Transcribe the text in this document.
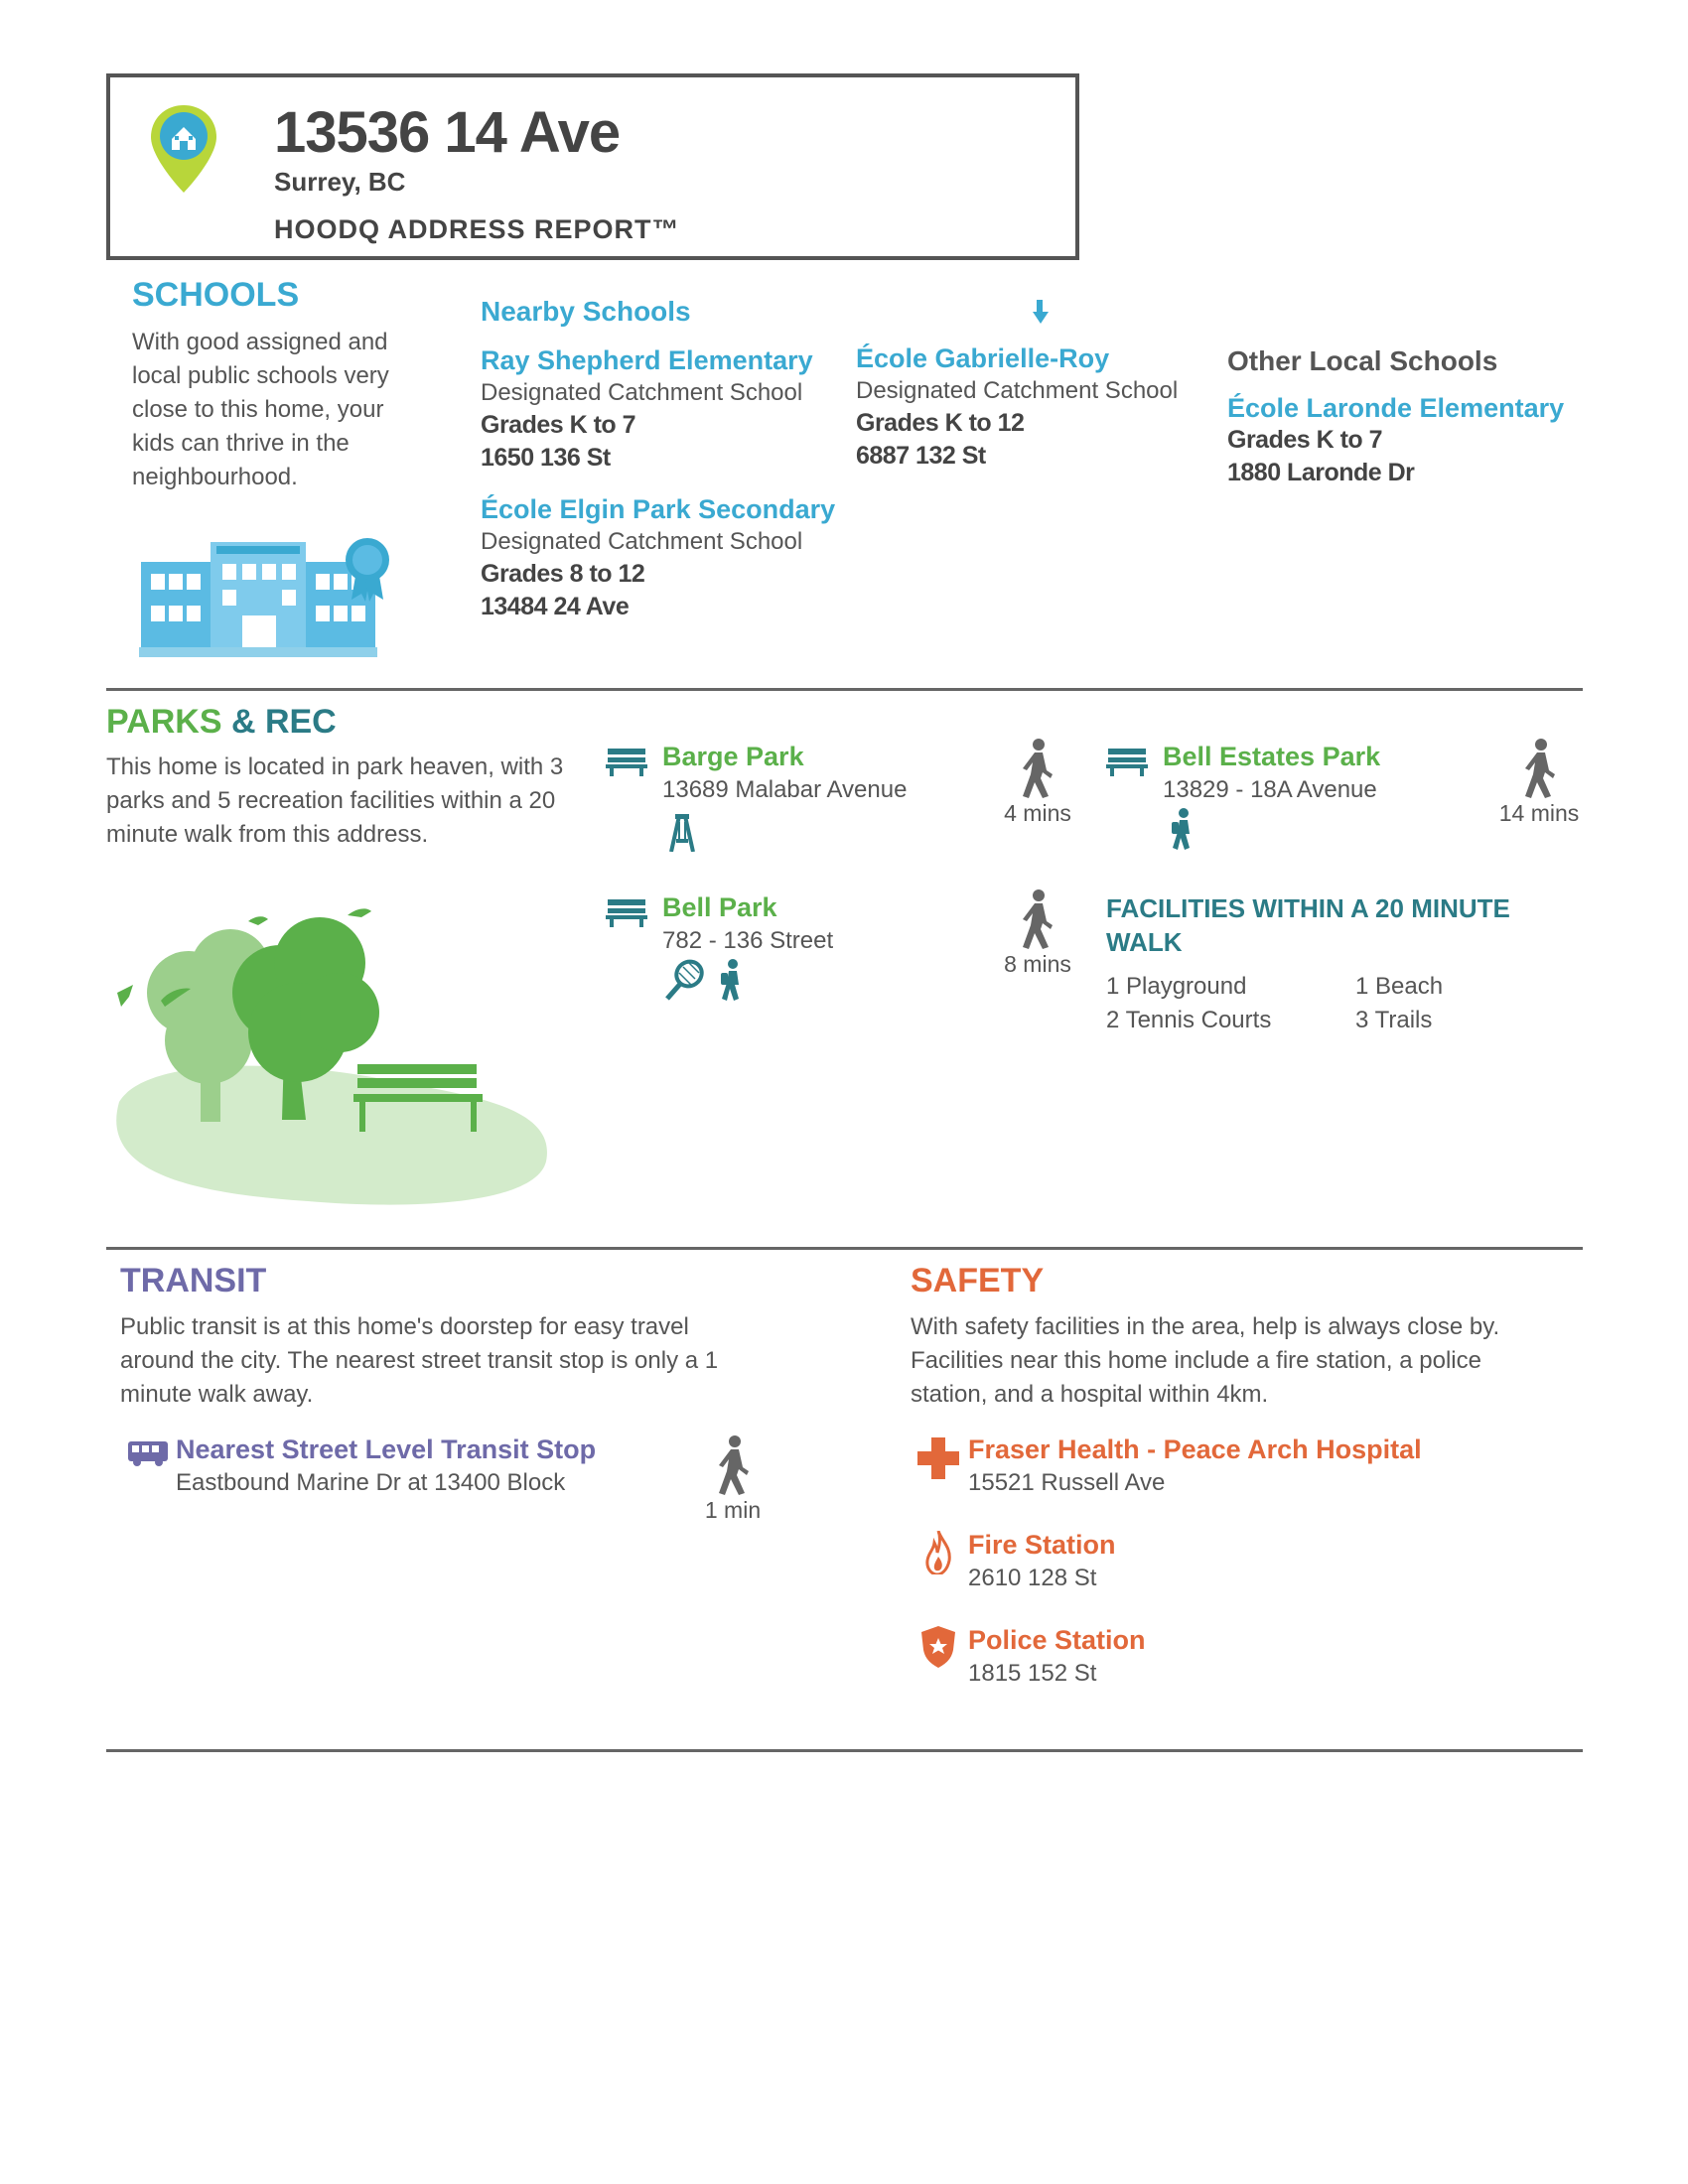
13536 14 Ave
Surrey, BC
HOODQ ADDRESS REPORT™
SCHOOLS
With good assigned and local public schools very close to this home, your kids can thrive in the neighbourhood.
Nearby Schools
Ray Shepherd Elementary
Designated Catchment School
Grades K to 7
1650 136 St
École Elgin Park Secondary
Designated Catchment School
Grades 8 to 12
13484 24 Ave
École Gabrielle-Roy
Designated Catchment School
Grades K to 12
6887 132 St
Other Local Schools
École Laronde Elementary
Grades K to 7
1880 Laronde Dr
PARKS & REC
This home is located in park heaven, with 3 parks and 5 recreation facilities within a 20 minute walk from this address.
Barge Park
13689 Malabar Avenue
4 mins
Bell Estates Park
13829 - 18A Avenue
14 mins
Bell Park
782 - 136 Street
8 mins
FACILITIES WITHIN A 20 MINUTE
WALK
1 Playground
2 Tennis Courts
1 Beach
3 Trails
TRANSIT
Public transit is at this home's doorstep for easy travel around the city. The nearest street transit stop is only a 1 minute walk away.
Nearest Street Level Transit Stop
Eastbound Marine Dr at 13400 Block
1 min
SAFETY
With safety facilities in the area, help is always close by. Facilities near this home include a fire station, a police station, and a hospital within 4km.
Fraser Health - Peace Arch Hospital
15521 Russell Ave
Fire Station
2610 128 St
Police Station
1815 152 St
